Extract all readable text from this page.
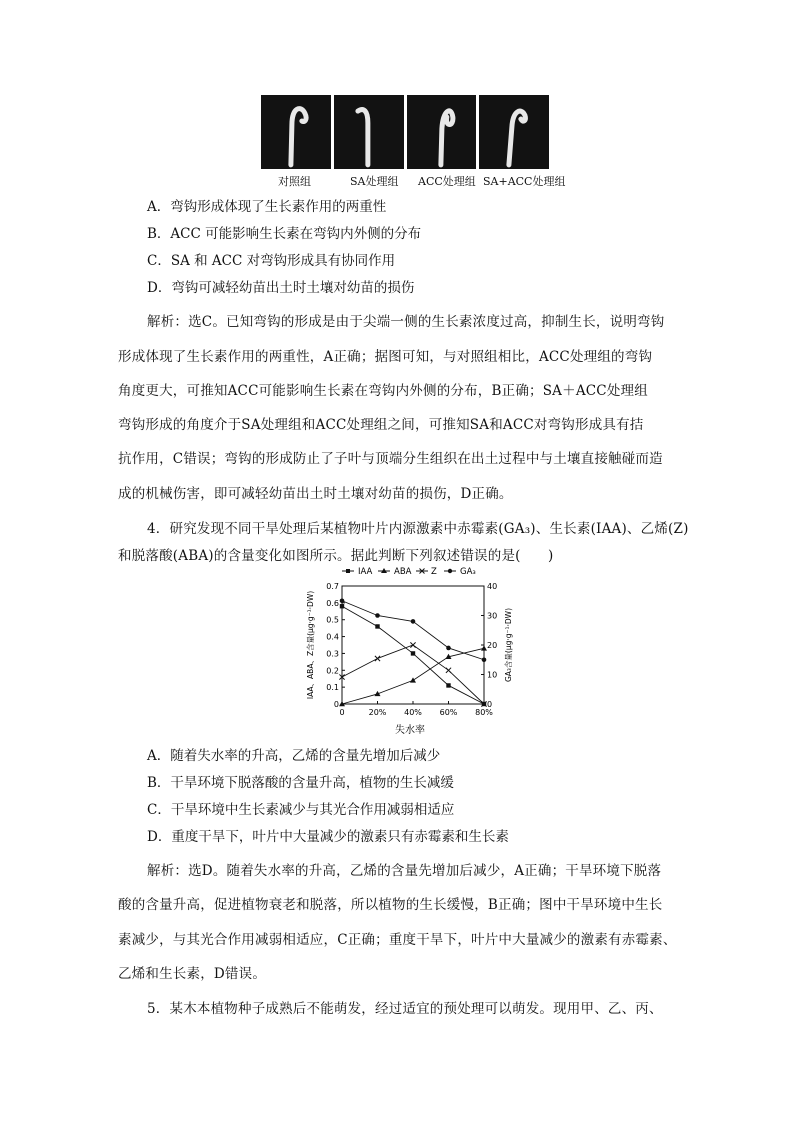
对照组	SA处理组 ACC处理组 SA+ACC处理组
A．弯钩形成体现了生长素作用的两重性
B．ACC 可能影响生长素在弯钩内外侧的分布
C．SA 和 ACC 对弯钩形成具有协同作用
D．弯钩可减轻幼苗出土时土壤对幼苗的损伤
解析：选C。已知弯钩的形成是由于尖端一侧的生长素浓度过高，抑制生长，说明弯钩
形成体现了生长素作用的两重性，A正确；据图可知，与对照组相比，ACC处理组的弯钩
角度更大，可推知ACC可能影响生长素在弯钩内外侧的分布，B正确；SA＋ACC处理组
弯钩形成的角度介于SA处理组和ACC处理组之间，可推知SA和ACC对弯钩形成具有拮
抗作用，C错误；弯钩的形成防止了子叶与顶端分生组织在出土过程中与土壤直接触碰而造
成的机械伤害，即可减轻幼苗出土时土壤对幼苗的损伤，D正确。
4．研究发现不同干旱处理后某植物叶片内源激素中赤霉素(GA₃)、生长素(IAA)、乙烯(Z)
和脱落酸(ABA)的含量变化如图所示。据此判断下列叙述错误的是(　　)
IAA	ABA Z	GA₃
0
0.1
0.2
0.3
0.4
0.5
0.6
0.7
0
10
20
30
40
0	20% 40% 60% 80%
失水率
IAA、ABA、Z含量(μg·g⁻¹·DW)	GA₃含量(μg·g⁻¹·DW)
A．随着失水率的升高，乙烯的含量先增加后减少
B．干旱环境下脱落酸的含量升高，植物的生长减缓
C．干旱环境中生长素减少与其光合作用减弱相适应
D．重度干旱下，叶片中大量减少的激素只有赤霉素和生长素
解析：选D。随着失水率的升高，乙烯的含量先增加后减少，A正确；干旱环境下脱落
酸的含量升高，促进植物衰老和脱落，所以植物的生长缓慢，B正确；图中干旱环境中生长
素减少，与其光合作用减弱相适应，C正确；重度干旱下，叶片中大量减少的激素有赤霉素、
乙烯和生长素，D错误。
5．某木本植物种子成熟后不能萌发，经过适宜的预处理可以萌发。现用甲、乙、丙、
